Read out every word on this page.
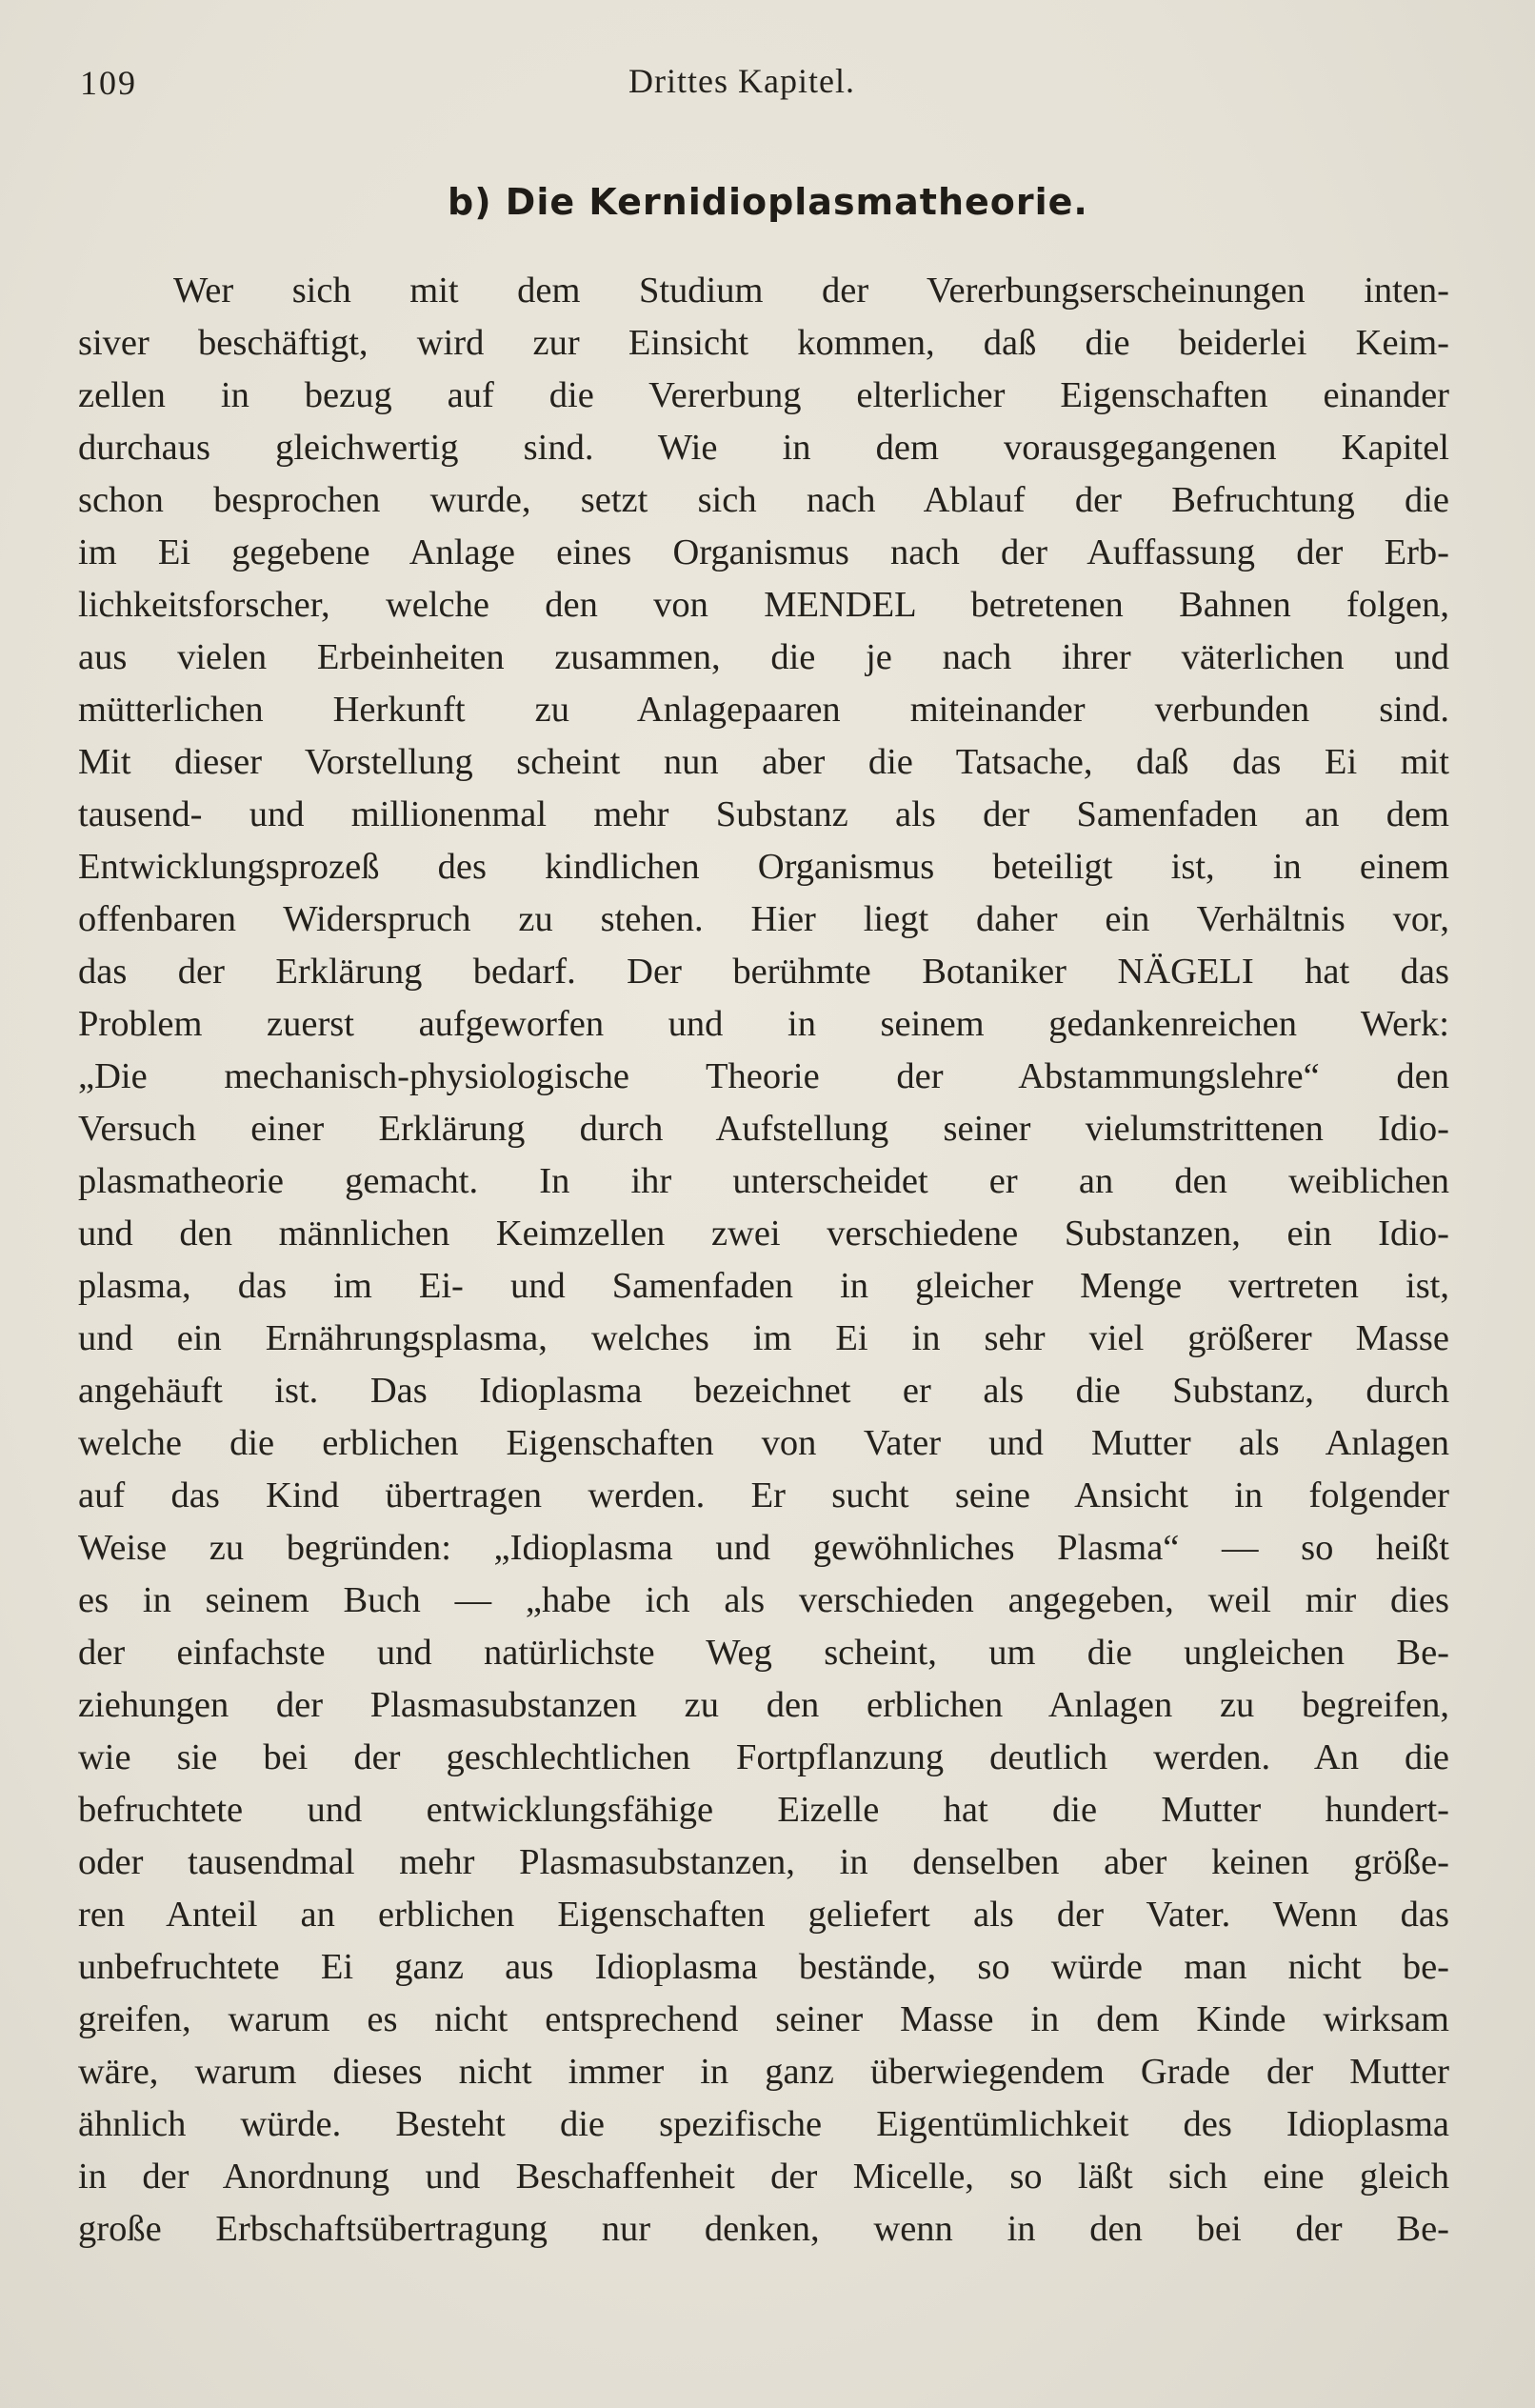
109	Drittes Kapitel.
b) Die Kernidioplasmatheorie.
Wer sich mit dem Studium der Vererbungserscheinungen inten-
siver beschäftigt, wird zur Einsicht kommen, daß die beiderlei Keim-
zellen in bezug auf die Vererbung elterlicher Eigenschaften einander
durchaus gleichwertig sind. Wie in dem vorausgegangenen Kapitel
schon besprochen wurde, setzt sich nach Ablauf der Befruchtung die
im Ei gegebene Anlage eines Organismus nach der Auffassung der Erb-
lichkeitsforscher, welche den von MENDEL betretenen Bahnen folgen,
aus vielen Erbeinheiten zusammen, die je nach ihrer väterlichen und
mütterlichen Herkunft zu Anlagepaaren miteinander verbunden sind.
Mit dieser Vorstellung scheint nun aber die Tatsache, daß das Ei mit
tausend- und millionenmal mehr Substanz als der Samenfaden an dem
Entwicklungsprozeß des kindlichen Organismus beteiligt ist, in einem
offenbaren Widerspruch zu stehen. Hier liegt daher ein Verhältnis vor,
das der Erklärung bedarf. Der berühmte Botaniker NÄGELI hat das
Problem zuerst aufgeworfen und in seinem gedankenreichen Werk:
„Die mechanisch-physiologische Theorie der Abstammungslehre“ den
Versuch einer Erklärung durch Aufstellung seiner vielumstrittenen Idio-
plasmatheorie gemacht. In ihr unterscheidet er an den weiblichen
und den männlichen Keimzellen zwei verschiedene Substanzen, ein Idio-
plasma, das im Ei- und Samenfaden in gleicher Menge vertreten ist,
und ein Ernährungsplasma, welches im Ei in sehr viel größerer Masse
angehäuft ist. Das Idioplasma bezeichnet er als die Substanz, durch
welche die erblichen Eigenschaften von Vater und Mutter als Anlagen
auf das Kind übertragen werden. Er sucht seine Ansicht in folgender
Weise zu begründen: „Idioplasma und gewöhnliches Plasma“ — so heißt
es in seinem Buch — „habe ich als verschieden angegeben, weil mir dies
der einfachste und natürlichste Weg scheint, um die ungleichen Be-
ziehungen der Plasmasubstanzen zu den erblichen Anlagen zu begreifen,
wie sie bei der geschlechtlichen Fortpflanzung deutlich werden. An die
befruchtete und entwicklungsfähige Eizelle hat die Mutter hundert-
oder tausendmal mehr Plasmasubstanzen, in denselben aber keinen größe-
ren Anteil an erblichen Eigenschaften geliefert als der Vater. Wenn das
unbefruchtete Ei ganz aus Idioplasma bestände, so würde man nicht be-
greifen, warum es nicht entsprechend seiner Masse in dem Kinde wirksam
wäre, warum dieses nicht immer in ganz überwiegendem Grade der Mutter
ähnlich würde. Besteht die spezifische Eigentümlichkeit des Idioplasma
in der Anordnung und Beschaffenheit der Micelle, so läßt sich eine gleich
große Erbschaftsübertragung nur denken, wenn in den bei der Be-
